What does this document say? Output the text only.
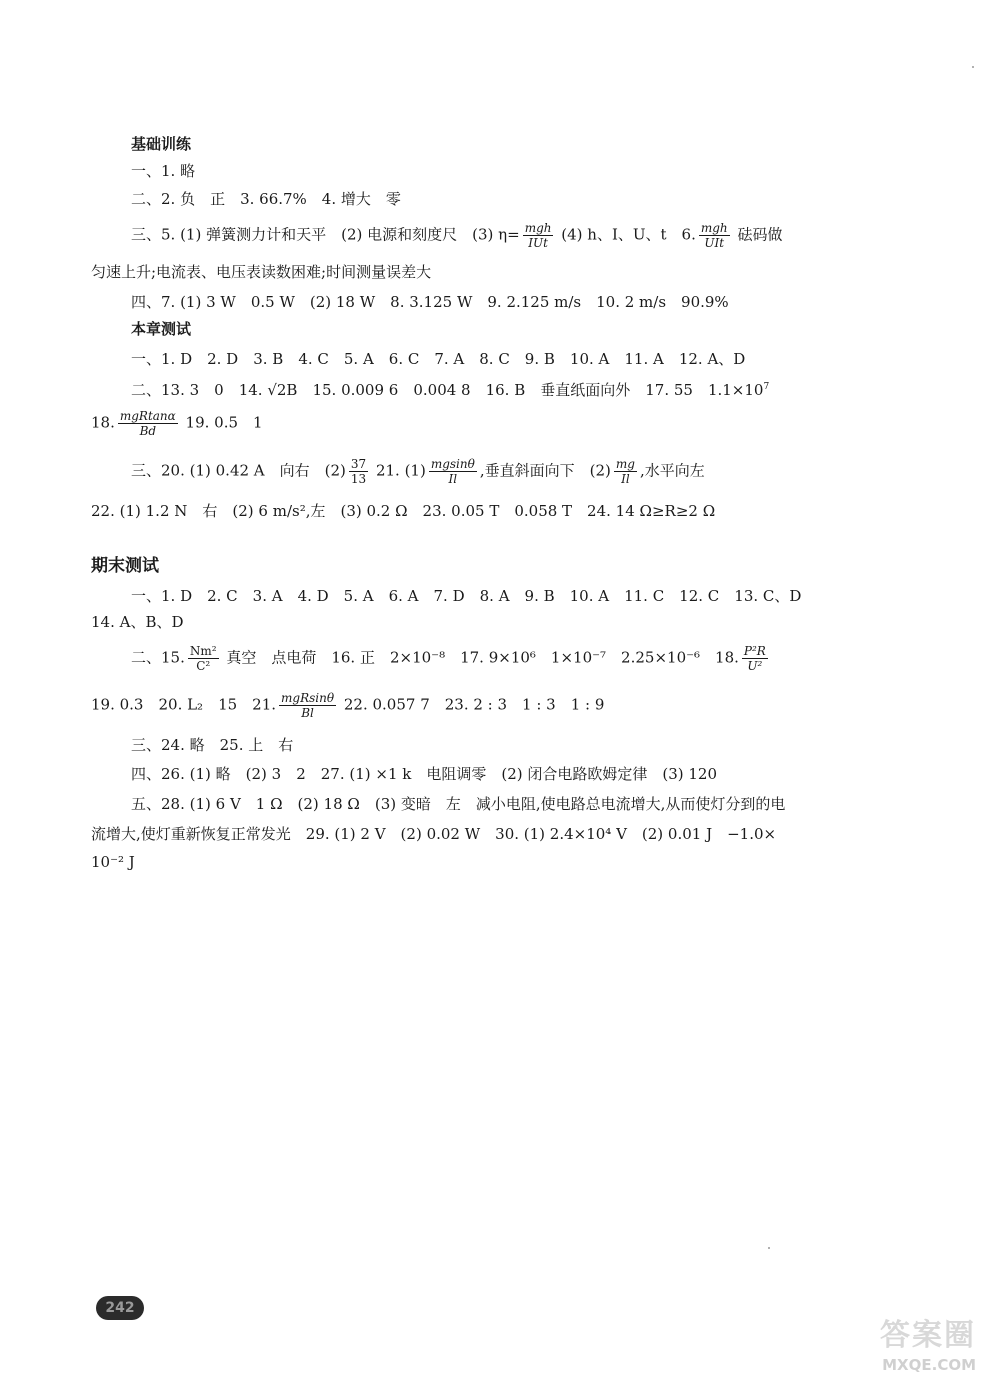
基础训练
一、1. 略
二、2. 负　正　3. 66.7%　4. 增大　零
三、5. (1) 弹簧测力计和天平　(2) 电源和刻度尺　(3) $\eta= \frac{\text{mgh}}{\text{IUt}} (4)$ h、I、U、t　6. $\frac{\text{mgh}}{\text{UIt}}$ 砝码做
匀速上升;电流表、电压表读数困难;时间测量误差大
四、7. (1) 3 W　0.5 W　(2) 18 W　8. 3.125 W　9. 2.125 m/s　10. 2 m/s　90.9%
本章测试
一、1. D　2. D　3. B　4. C　5. A　6. C　7. A　8. C　9. B　10. A　11. A　12. A、D
二、13. 3　0　14. √2B　15. 0.009 6　0.004 8　16. B　垂直纸面向外　17. 55　$1.1\times 10^7$
18. $\frac{\text{mgRtanα}}{Bd} 19$. 0.5　1
三、20. (1) 0.42 A　向右　$(2) \frac{37}{13} 21$. $(1) \frac{mgsin\theta}{Il}$ ,垂直斜面向下　$(2) \frac{mg}{Il}$ ,水平向左
22. (1) 1.2 N　右　(2) 6 m/s²,左　(3) 0.2 Ω　23. 0.05 T　0.058 T　24. 14 Ω≥R≥2 Ω
期末测试
一、1. D　2. C　3. A　4. D　5. A　6. A　7. D　8. A　9. B　10. A　11. C　12. C　13. C、D
14. A、B、D
二、15. $\frac{\text{Nm²}}{\text{C²}}$ 真空　点电荷　16. 正　2×10⁻⁸　17. 9×10⁶　1×10⁻⁷　2.25×10⁻⁶　18. $\frac{\text{P²R}}{\text{U²}}$
19. 0.3　20. L₂　15　21. $\frac{\text{mgRsinθ}}{Bl} 22$. 0.057 7　23. 2 : 3　1 : 3　1 : 9
三、24. 略　25. 上　右
四、26. (1) 略　(2) 3　2　27. (1) ×1 k　电阻调零　(2) 闭合电路欧姆定律　(3) 120
五、28. (1) 6 V　1 Ω　(2) 18 Ω　(3) 变暗　左　减小电阻,使电路总电流增大,从而使灯分到的电
流增大,使灯重新恢复正常发光　29. (1) 2 V　(2) 0.02 W　30. (1) 2.4×10⁴ V　(2) 0.01 J　−1.0×
10⁻² J
242
答案圈
MXQE.COM
